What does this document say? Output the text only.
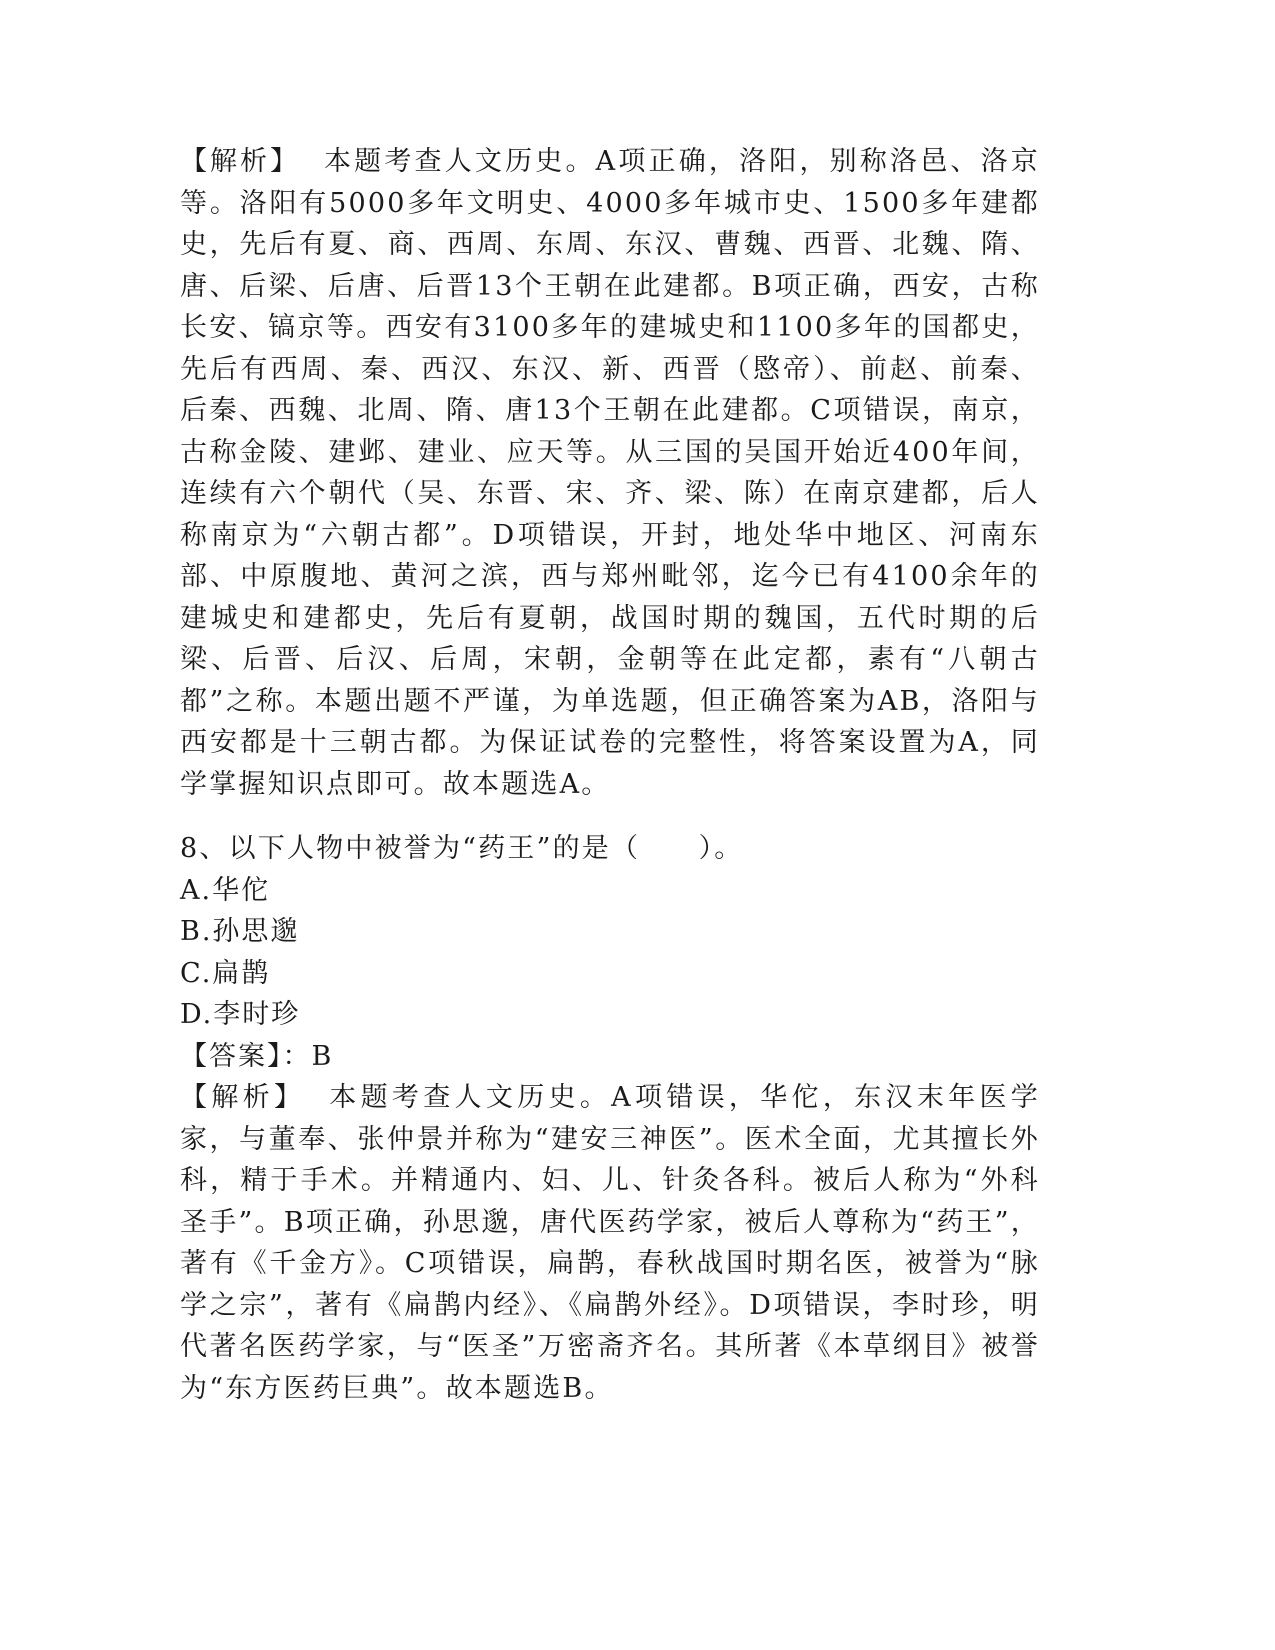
【解析】 本题考查人文历史。A项正确，洛阳，别称洛邑、洛京等。洛阳有5000多年文明史、4000多年城市史、1500多年建都史，先后有夏、商、西周、东周、东汉、曹魏、西晋、北魏、隋、唐、后梁、后唐、后晋13个王朝在此建都。B项正确，西安，古称长安、镐京等。西安有3100多年的建城史和1100多年的国都史，先后有西周、秦、西汉、东汉、新、西晋（愍帝）、前赵、前秦、后秦、西魏、北周、隋、唐13个王朝在此建都。C项错误，南京，古称金陵、建邺、建业、应天等。从三国的吴国开始近400年间，连续有六个朝代（吴、东晋、宋、齐、梁、陈）在南京建都，后人称南京为“六朝古都”。D项错误，开封，地处华中地区、河南东部、中原腹地、黄河之滨，西与郑州毗邻，迄今已有4100余年的建城史和建都史，先后有夏朝，战国时期的魏国，五代时期的后梁、后晋、后汉、后周，宋朝，金朝等在此定都，素有“八朝古都”之称。本题出题不严谨，为单选题，但正确答案为AB，洛阳与西安都是十三朝古都。为保证试卷的完整性，将答案设置为A，同学掌握知识点即可。故本题选A。

8、以下人物中被誉为“药王”的是（　　）。

A.华佗

B.孙思邈

C.扁鹊

D.李时珍

【答案】：B

【解析】 本题考查人文历史。A项错误，华佗，东汉末年医学家，与董奉、张仲景并称为“建安三神医”。医术全面，尤其擅长外科，精于手术。并精通内、妇、儿、针灸各科。被后人称为“外科圣手”。B项正确，孙思邈，唐代医药学家，被后人尊称为“药王”，著有《千金方》。C项错误，扁鹊，春秋战国时期名医，被誉为“脉学之宗”，著有《扁鹊内经》、《扁鹊外经》。D项错误，李时珍，明代著名医药学家，与“医圣”万密斋齐名。其所著《本草纲目》被誉为“东方医药巨典”。故本题选B。
